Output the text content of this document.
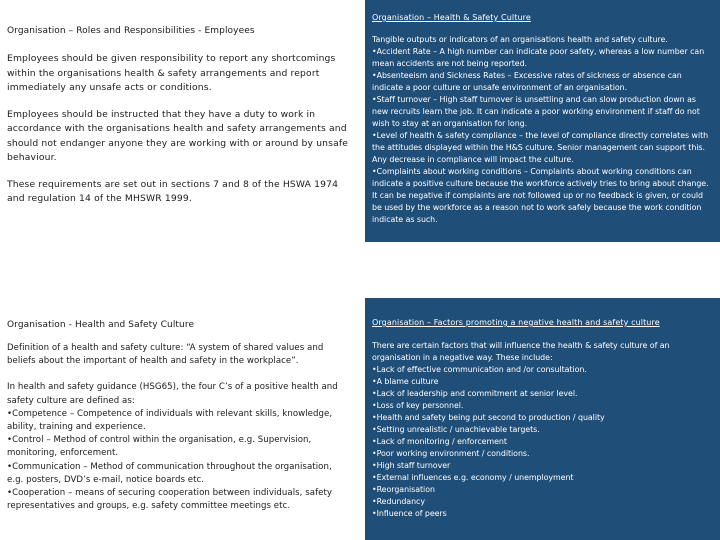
Organisation – Roles and Responsibilities - Employees

Employees should be given responsibility to report any shortcomings within the organisations health & safety arrangements and report immediately any unsafe acts or conditions.

Employees should be instructed that they have a duty to work in accordance with the organisations health and safety arrangements and should not endanger anyone they are working with or around by unsafe behaviour.

These requirements are set out in sections 7 and 8 of the HSWA 1974 and regulation 14 of the MHSWR 1999.

Organisation – Health & Safety Culture

Tangible outputs or indicators of an organisations health and safety culture.

•Accident Rate – A high number can indicate poor safety, whereas a low number can mean accidents are not being reported.

•Absenteeism and Sickness Rates – Excessive rates of sickness or absence can indicate a poor culture or unsafe environment of an organisation.

•Staff turnover – High staff turnover is unsettling and can slow production down as new recruits learn the job. It can indicate a poor working environment if staff do not wish to stay at an organisation for long.

•Level of health & safety compliance – the level of compliance directly correlates with the attitudes displayed within the H&S culture. Senior management can support this. Any decrease in compliance will impact the culture.

•Complaints about working conditions – Complaints about working conditions can indicate a positive culture because the workforce actively tries to bring about change. It can be negative if complaints are not followed up or no feedback is given, or could be used by the workforce as a reason not to work safely because the work condition indicate as such.

Organisation - Health and Safety Culture

Definition of a health and safety culture: “A system of shared values and beliefs about the important of health and safety in the workplace”.

In health and safety guidance (HSG65), the four C’s of a positive health and safety culture are defined as:

•Competence – Competence of individuals with relevant skills, knowledge, ability, training and experience.

•Control – Method of control within the organisation, e.g. Supervision, monitoring, enforcement.

•Communication – Method of communication throughout the organisation, e.g. posters, DVD’s e-mail, notice boards etc.

•Cooperation – means of securing cooperation between individuals, safety representatives and groups, e.g. safety committee meetings etc.

Organisation – Factors promoting a negative health and safety culture

There are certain factors that will influence the health & safety culture of an organisation in a negative way. These include:

•Lack of effective communication and /or consultation.

•A blame culture

•Lack of leadership and commitment at senior level.

•Loss of key personnel.

•Health and safety being put second to production / quality

•Setting unrealistic / unachievable targets.

•Lack of monitoring / enforcement

•Poor working environment / conditions.

•High staff turnover

•External influences e.g. economy / unemployment

•Reorganisation

•Redundancy

•Influence of peers
